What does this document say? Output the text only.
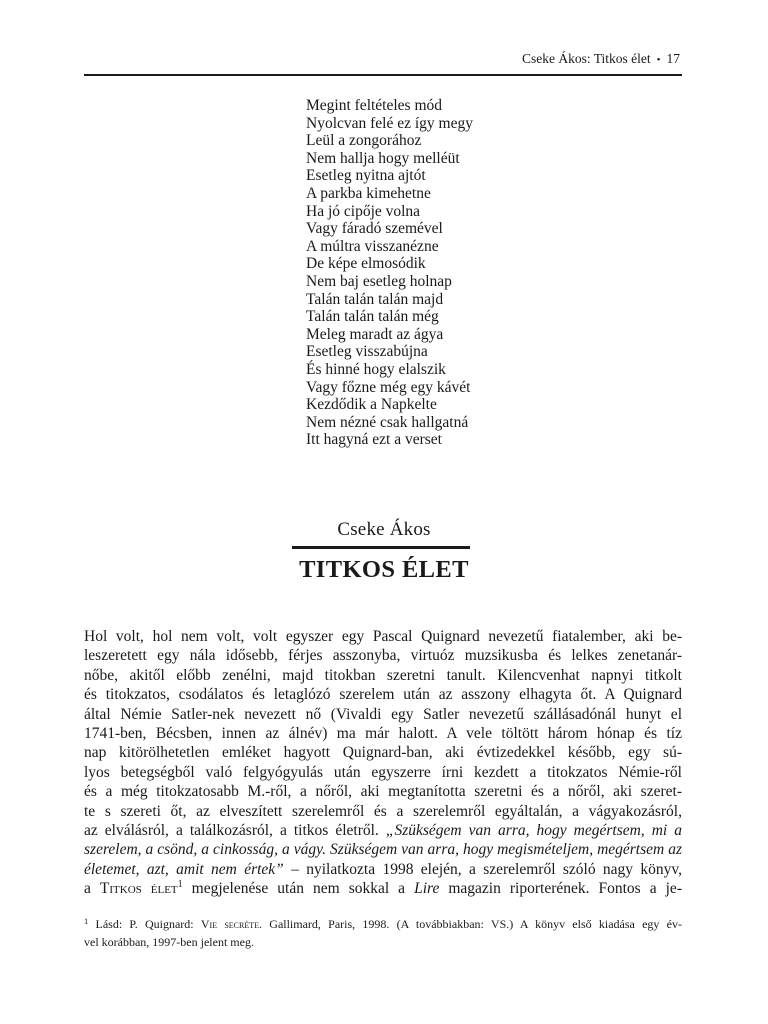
Cseke Ákos: Titkos élet • 17
Megint feltételes mód
Nyolcvan felé ez így megy
Leül a zongorához
Nem hallja hogy melléüt
Esetleg nyitna ajtót
A parkba kimehetne
Ha jó cipője volna
Vagy fáradó szemével
A múltra visszanézne
De képe elmosódik
Nem baj esetleg holnap
Talán talán talán majd
Talán talán talán még
Meleg maradt az ágya
Esetleg visszabújna
És hinné hogy elalszik
Vagy főzne még egy kávét
Kezdődik a Napkelte
Nem nézné csak hallgatná
Itt hagyná ezt a verset
Cseke Ákos
TITKOS ÉLET
Hol volt, hol nem volt, volt egyszer egy Pascal Quignard nevezetű fiatalember, aki be-
leszeretett egy nála idősebb, férjes asszonyba, virtuóz muzsikusba és lelkes zenetanár-
nőbe, akitől előbb zenélni, majd titokban szeretni tanult. Kilencvenhat napnyi titkolt
és titokzatos, csodálatos és letaglózó szerelem után az asszony elhagyta őt. A Quignard
által Némie Satler-nek nevezett nő (Vivaldi egy Satler nevezetű szállásadónál hunyt el
1741-ben, Bécsben, innen az álnév) ma már halott. A vele töltött három hónap és tíz
nap kitörölhetetlen emléket hagyott Quignard-ban, aki évtizedekkel később, egy sú-
lyos betegségből való felgyógyulás után egyszerre írni kezdett a titokzatos Némie-ről
és a még titokzatosabb M.-ről, a nőről, aki megtanította szeretni és a nőről, aki szeret-
te s szereti őt, az elveszített szerelemről és a szerelemről egyáltalán, a vágyakozásról,
az elválásról, a találkozásról, a titkos életről. „Szükségem van arra, hogy megértsem, mi a
szerelem, a csönd, a cinkosság, a vágy. Szükségem van arra, hogy megismételjem, megértsem az
életemet, azt, amit nem értek” – nyilatkozta 1998 elején, a szerelemről szóló nagy könyv,
a Titkos élet$^1$ megjelenése után nem sokkal a Lire magazin riporterének. Fontos a je-
$^1$ Lásd: P. Quignard: Vie secrète. Gallimard, Paris, 1998. (A továbbiakban: VS.) A könyv első kiadása egy év-
vel korábban, 1997-ben jelent meg.
